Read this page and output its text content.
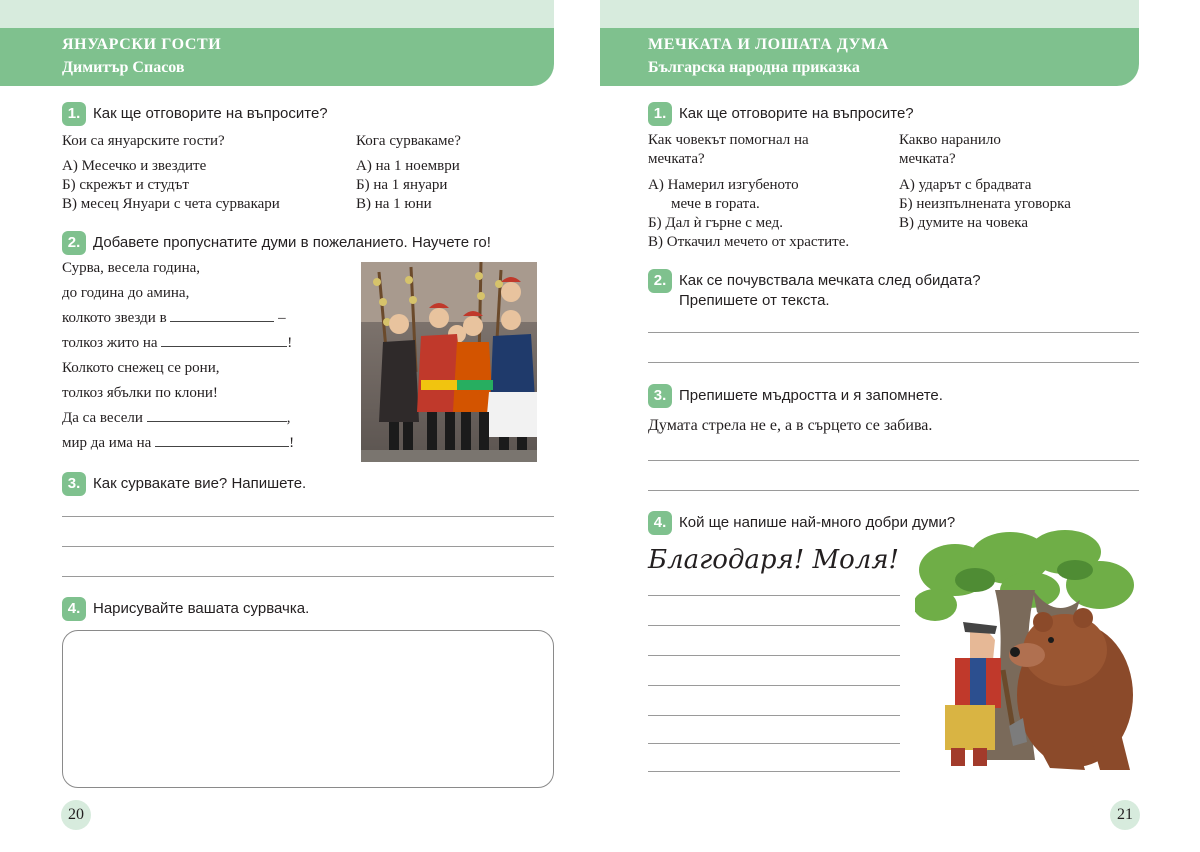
ЯНУАРСКИ ГОСТИ
Димитър Спасов
1. Как ще отговорите на въпросите?
Кои са януарските гости?
А) Месечко и звездите
Б) скрежът и студът
В) месец Януари с чета сурвакари
Кога сурвакаме?
А) на 1 ноември
Б) на 1 януари
В) на 1 юни
2. Добавете пропуснатите думи в пожеланието. Научете го!
Сурва, весела година,
до година до амина,
колкото звезди в	–
толкоз жито на	!
Колкото снежец се рони,
толкоз ябълки по клони!
Да са весели	,
мир да има на	!
3. Как сурвакате вие? Напишете.
4. Нарисувайте вашата сурвачка.
20
МЕЧКАТА И ЛОШАТА ДУМА
Българска народна приказка
1. Как ще отговорите на въпросите?
Как човекът помогнал на
мечката?
А) Намерил изгубеното
мече в гората.
Б) Дал ѝ гърне с мед.
В) Откачил мечето от храстите.
Какво наранило
мечката?
А) ударът с брадвата
Б) неизпълнената уговорка
В) думите на човека
2. Как се почувствала мечката след обидата?
Препишете от текста.
3. Препишете мъдростта и я запомнете.
Думата стрела не е, а в сърцето се забива.
4. Кой ще напише най-много добри думи?
Благодаря! Моля!
21
